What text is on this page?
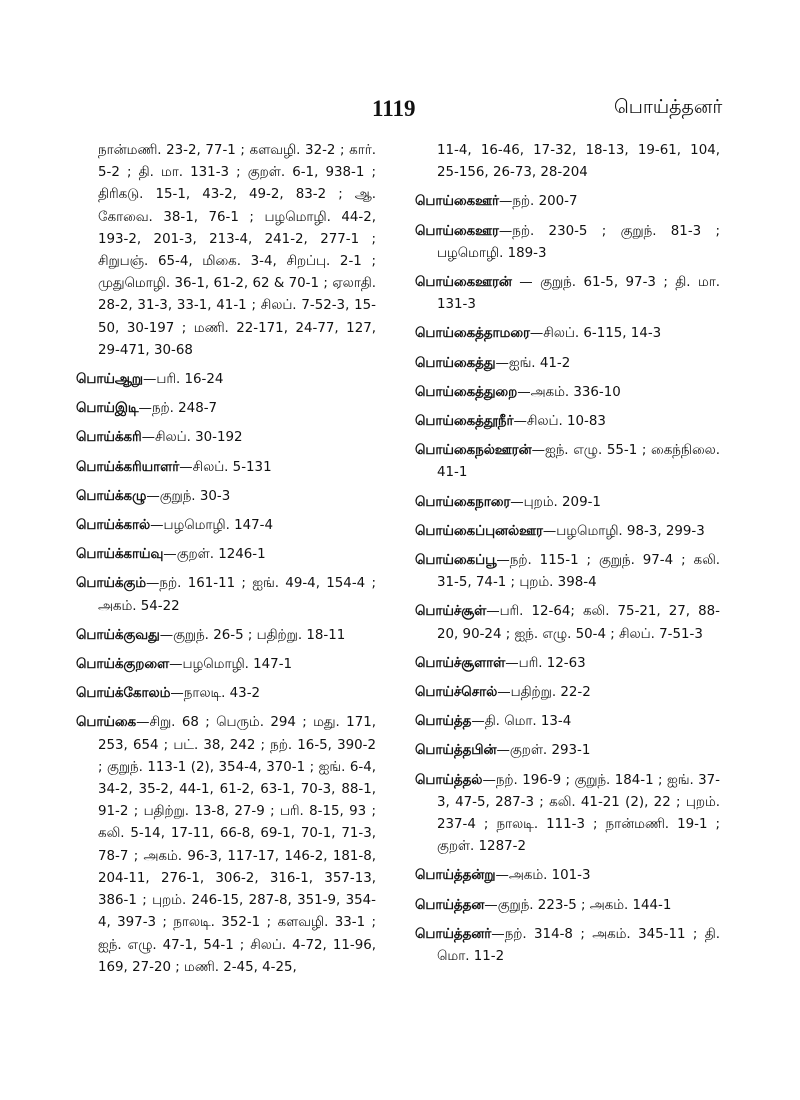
1119	பொய்த்தனர்
நான்மணி. 23-2, 77-1 ; களவழி. 32-2 ; கார். 5-2 ; தி. மா. 131-3 ; குறள். 6-1, 938-1 ; திரிகடு. 15-1, 43-2, 49-2, 83-2 ; ஆ. கோவை. 38-1, 76-1 ; பழமொழி. 44-2, 193-2, 201-3, 213-4, 241-2, 277-1 ; சிறுபஞ். 65-4, மிகை. 3-4, சிறப்பு. 2-1 ; முதுமொழி. 36-1, 61-2, 62 & 70-1 ; ஏலாதி. 28-2, 31-3, 33-1, 41-1 ; சிலப். 7-52-3, 15-50, 30-197 ; மணி. 22-171, 24-77, 127, 29-471, 30-68
பொய்ஆறு—பரி. 16-24
பொய்இடி—நற். 248-7
பொய்க்கரி—சிலப். 30-192
பொய்க்கரியாளர்—சிலப். 5-131
பொய்க்கழு—குறுந். 30-3
பொய்க்கால்—பழமொழி. 147-4
பொய்க்காய்வு—குறள். 1246-1
பொய்க்கும்—நற். 161-11 ; ஐங். 49-4, 154-4 ; அகம். 54-22
பொய்க்குவது—குறுந். 26-5 ; பதிற்று. 18-11
பொய்க்குறளை—பழமொழி. 147-1
பொய்க்கோலம்—நாலடி. 43-2
பொய்கை—சிறு. 68 ; பெரும். 294 ; மது. 171, 253, 654 ; பட். 38, 242 ; நற். 16-5, 390-2 ; குறுந். 113-1 (2), 354-4, 370-1 ; ஐங். 6-4, 34-2, 35-2, 44-1, 61-2, 63-1, 70-3, 88-1, 91-2 ; பதிற்று. 13-8, 27-9 ; பரி. 8-15, 93 ; கலி. 5-14, 17-11, 66-8, 69-1, 70-1, 71-3, 78-7 ; அகம். 96-3, 117-17, 146-2, 181-8, 204-11, 276-1, 306-2, 316-1, 357-13, 386-1 ; புறம். 246-15, 287-8, 351-9, 354-4, 397-3 ; நாலடி. 352-1 ; களவழி. 33-1 ; ஐந். எழு. 47-1, 54-1 ; சிலப். 4-72, 11-96, 169, 27-20 ; மணி. 2-45, 4-25,
11-4, 16-46, 17-32, 18-13, 19-61, 104, 25-156, 26-73, 28-204
பொய்கைஊர்—நற். 200-7
பொய்கைஊர—நற். 230-5 ; குறுந். 81-3 ; பழமொழி. 189-3
பொய்கைஊரன் — குறுந். 61-5, 97-3 ; தி. மா. 131-3
பொய்கைத்தாமரை—சிலப். 6-115, 14-3
பொய்கைத்து—ஐங். 41-2
பொய்கைத்துறை—அகம். 336-10
பொய்கைத்தூநீர்—சிலப். 10-83
பொய்கைநல்ஊரன்—ஐந். எழு. 55-1 ; கைந்நிலை. 41-1
பொய்கைநாரை—புறம். 209-1
பொய்கைப்புனல்ஊர—பழமொழி. 98-3, 299-3
பொய்கைப்பூ—நற். 115-1 ; குறுந். 97-4 ; கலி. 31-5, 74-1 ; புறம். 398-4
பொய்ச்சூள்—பரி. 12-64; கலி. 75-21, 27, 88-20, 90-24 ; ஐந். எழு. 50-4 ; சிலப். 7-51-3
பொய்ச்சூளாள்—பரி. 12-63
பொய்ச்சொல்—பதிற்று. 22-2
பொய்த்த—தி. மொ. 13-4
பொய்த்தபின்—குறள். 293-1
பொய்த்தல்—நற். 196-9 ; குறுந். 184-1 ; ஐங். 37-3, 47-5, 287-3 ; கலி. 41-21 (2), 22 ; புறம். 237-4 ; நாலடி. 111-3 ; நான்மணி. 19-1 ; குறள். 1287-2
பொய்த்தன்று—அகம். 101-3
பொய்த்தன—குறுந். 223-5 ; அகம். 144-1
பொய்த்தனர்—நற். 314-8 ; அகம். 345-11 ; தி. மொ. 11-2
